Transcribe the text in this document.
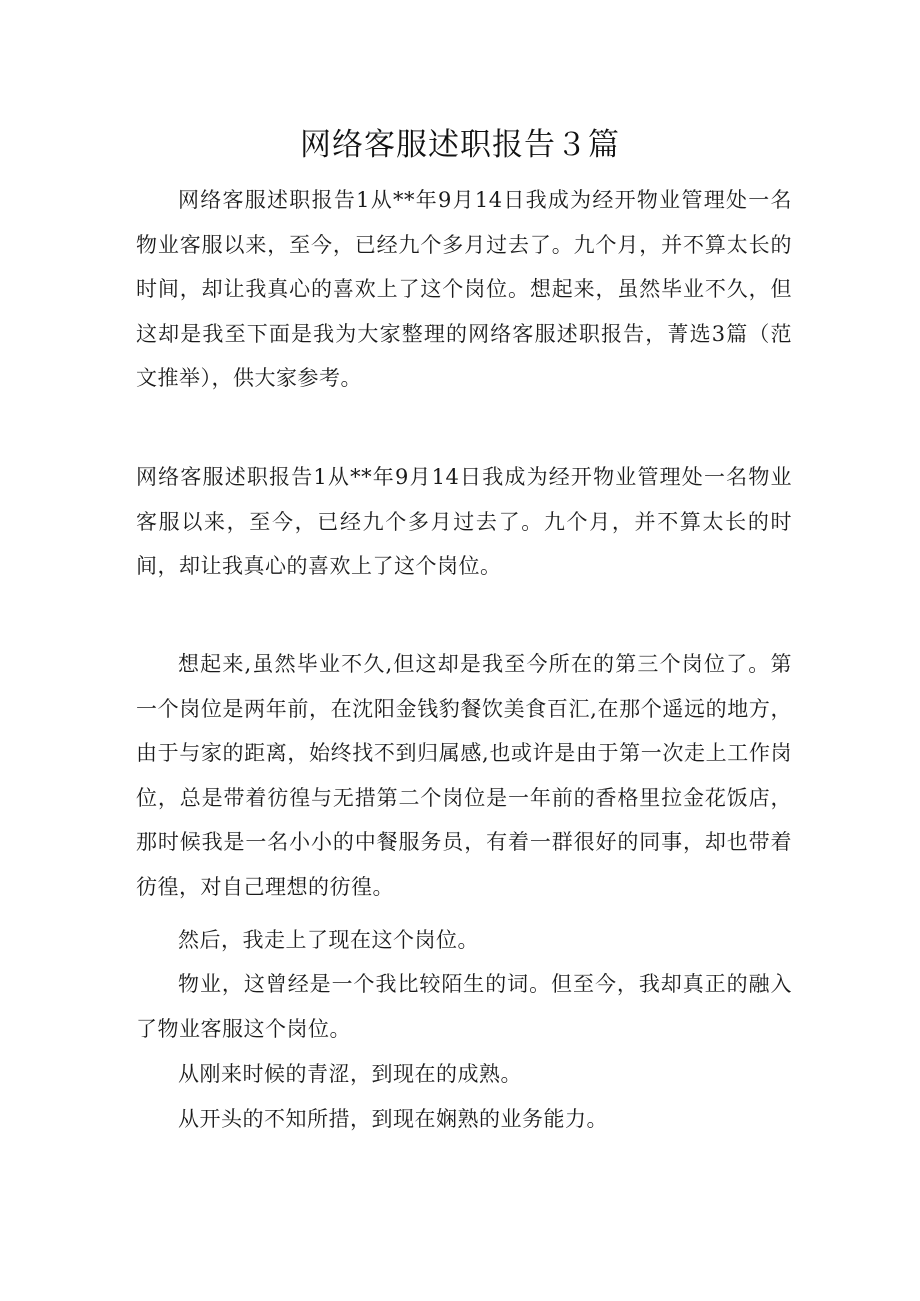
网络客服述职报告３篇

网络客服述职报告1从**年9月14日我成为经开物业管理处一名物业客服以来，至今，已经九个多月过去了。九个月，并不算太长的时间，却让我真心的喜欢上了这个岗位。想起来，虽然毕业不久，但这却是我至下面是我为大家整理的网络客服述职报告，菁选3篇（范文推举），供大家参考。

网络客服述职报告1从**年9月14日我成为经开物业管理处一名物业客服以来，至今，已经九个多月过去了。九个月，并不算太长的时间，却让我真心的喜欢上了这个岗位。

想起来,虽然毕业不久,但这却是我至今所在的第三个岗位了。第一个岗位是两年前，在沈阳金钱豹餐饮美食百汇,在那个遥远的地方，由于与家的距离，始终找不到归属感,也或许是由于第一次走上工作岗位，总是带着彷徨与无措第二个岗位是一年前的香格里拉金花饭店，那时候我是一名小小的中餐服务员，有着一群很好的同事，却也带着彷徨，对自己理想的彷徨。

然后，我走上了现在这个岗位。

物业，这曾经是一个我比较陌生的词。但至今，我却真正的融入了物业客服这个岗位。

从刚来时候的青涩，到现在的成熟。

从开头的不知所措，到现在娴熟的业务能力。
